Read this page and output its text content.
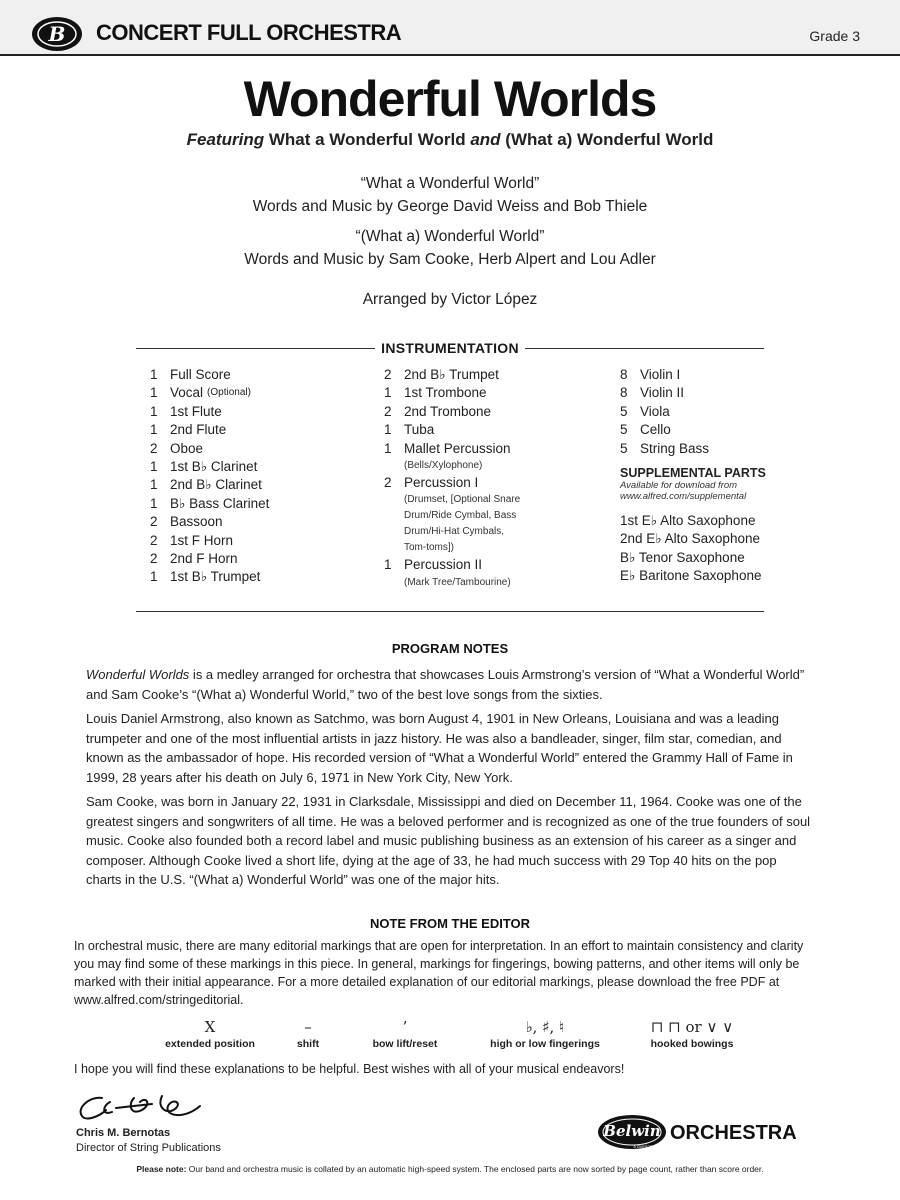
B CONCERT FULL ORCHESTRA	Grade 3
Wonderful Worlds
Featuring What a Wonderful World and (What a) Wonderful World
“What a Wonderful World”
Words and Music by George David Weiss and Bob Thiele
“(What a) Wonderful World”
Words and Music by Sam Cooke, Herb Alpert and Lou Adler
Arranged by Victor López
INSTRUMENTATION
1 Full Score
1 Vocal (Optional)
1 1st Flute
1 2nd Flute
2 Oboe
1 1st B♭ Clarinet
1 2nd B♭ Clarinet
1 B♭ Bass Clarinet
2 Bassoon
2 1st F Horn
2 2nd F Horn
1 1st B♭ Trumpet
2 2nd B♭ Trumpet
1 1st Trombone
2 2nd Trombone
1 Tuba
1 Mallet Percussion
(Bells/Xylophone)
2 Percussion I
(Drumset, [Optional Snare
Drum/Ride Cymbal, Bass
Drum/Hi-Hat Cymbals,
Tom-toms])
1 Percussion II
(Mark Tree/Tambourine)
8 Violin I
8 Violin II
5 Viola
5 Cello
5 String Bass
SUPPLEMENTAL PARTS
Available for download from
www.alfred.com/supplemental
1st E♭ Alto Saxophone
2nd E♭ Alto Saxophone
B♭ Tenor Saxophone
E♭ Baritone Saxophone
PROGRAM NOTES

Wonderful Worlds is a medley arranged for orchestra that showcases Louis Armstrong’s version of “What a Wonderful World” and Sam Cooke’s “(What a) Wonderful World,” two of the best love songs from the sixties.

Louis Daniel Armstrong, also known as Satchmo, was born August 4, 1901 in New Orleans, Louisiana and was a leading trumpeter and one of the most influential artists in jazz history. He was also a bandleader, singer, film star, comedian, and known as the ambassador of hope. His recorded version of “What a Wonderful World” entered the Grammy Hall of Fame in 1999, 28 years after his death on July 6, 1971 in New York City, New York.

Sam Cooke, was born in January 22, 1931 in Clarksdale, Mississippi and died on December 11, 1964. Cooke was one of the greatest singers and songwriters of all time. He was a beloved performer and is recognized as one of the true founders of soul music. Cooke also founded both a record label and music publishing business as an extension of his career as a singer and composer. Although Cooke lived a short life, dying at the age of 33, he had much success with 29 Top 40 hits on the pop charts in the U.S. “(What a) Wonderful World” was one of the major hits.

NOTE FROM THE EDITOR
In orchestral music, there are many editorial markings that are open for interpretation. In an effort to maintain consistency and clarity you may find some of these markings in this piece. In general, markings for fingerings, bowing patterns, and other items will only be marked with their initial appearance. For a more detailed explanation of our editorial markings, please download the free PDF at www.alfred.com/stringeditorial.
X
extended position
–
shift
’
bow lift/reset
♭, ♯, ♮
high or low fingerings
⊓ ⊓ or ∨ ∨
hooked bowings
I hope you will find these explanations to be helpful. Best wishes with all of your musical endeavors!
Chris M. Bernotas
Director of String Publications
Belwin
a division of Alfred
ORCHESTRA
Please note: Our band and orchestra music is collated by an automatic high-speed system. The enclosed parts are now sorted by page count, rather than score order.
